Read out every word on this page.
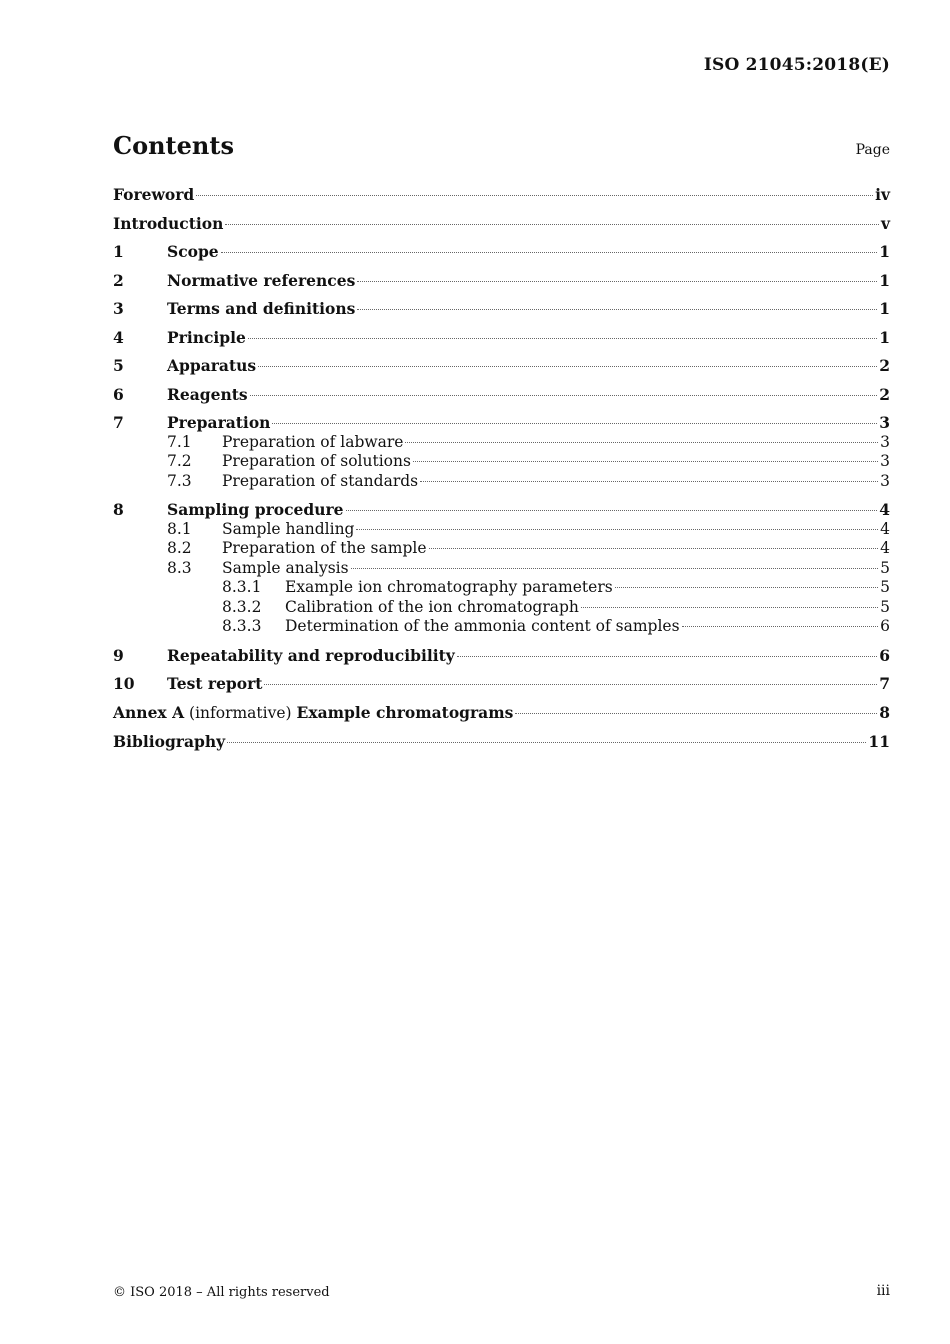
ISO 21045:2018(E)
Contents	Page
Foreword	iv
Introduction	v
1	Scope	1
2	Normative references	1
3	Terms and definitions	1
4	Principle	1
5	Apparatus	2
6	Reagents	2
7	Preparation	3
7.1	Preparation of labware	3
7.2	Preparation of solutions	3
7.3	Preparation of standards	3
8	Sampling procedure	4
8.1	Sample handling	4
8.2	Preparation of the sample	4
8.3	Sample analysis	5
8.3.1	Example ion chromatography parameters	5
8.3.2	Calibration of the ion chromatograph	5
8.3.3	Determination of the ammonia content of samples	6
9	Repeatability and reproducibility	6
10	Test report	7
Annex A (informative) Example chromatograms	8
Bibliography	11
© ISO 2018 – All rights reserved	iii
